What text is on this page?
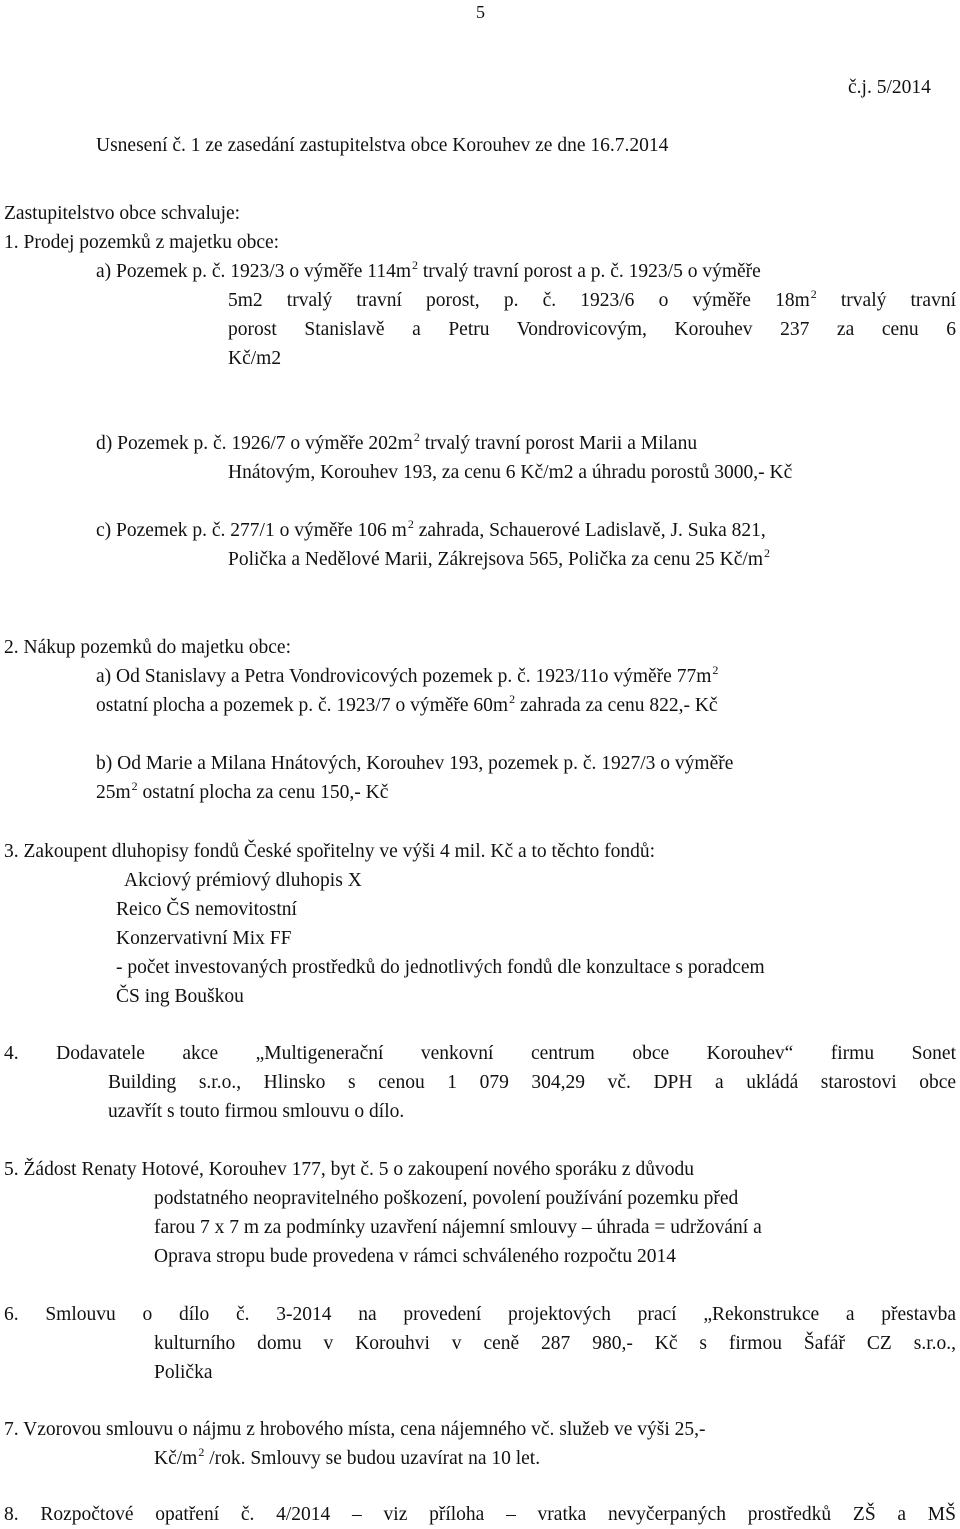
5
č.j. 5/2014
Usnesení č. 1 ze zasedání zastupitelstva obce Korouhev ze dne 16.7.2014
Zastupitelstvo obce schvaluje:
1. Prodej pozemků z majetku obce:
a) Pozemek p. č. 1923/3 o výměře $114m^2$ trvalý travní porost a p. č. 1923/5 o výměře
5m2 trvalý travní porost, p. č. 1923/6 o výměře $18m^2$ trvalý travní
porost Stanislavě a Petru Vondrovicovým, Korouhev 237 za cenu 6
Kč/m2
d) Pozemek p. č. 1926/7 o výměře $202m^2$ trvalý travní porost Marii a Milanu
Hnátovým, Korouhev 193, za cenu 6 Kč/m2 a úhradu porostů 3000,- Kč
c) Pozemek p. č. 277/1 o výměře 106 $m^2$ zahrada, Schauerové Ladislavě, J. Suka 821,
Polička a Nedělové Marii, Zákrejsova 565, Polička za cenu 25 $Kč/m^2$
2. Nákup pozemků do majetku obce:
a) Od Stanislavy a Petra Vondrovicových pozemek p. č. 1923/11o výměře $77m^2$
ostatní plocha a pozemek p. č. 1923/7 o výměře $60m^2$ zahrada za cenu 822,- Kč
b) Od Marie a Milana Hnátových, Korouhev 193, pozemek p. č. 1927/3 o výměře
$25m^2$ ostatní plocha za cenu 150,- Kč
3. Zakoupent dluhopisy fondů České spořitelny ve výši 4 mil. Kč a to těchto fondů:
Akciový prémiový dluhopis X
Reico ČS nemovitostní
Konzervativní Mix FF
- počet investovaných prostředků do jednotlivých fondů dle konzultace s poradcem
ČS ing Bouškou
4. Dodavatele akce „Multigenerační venkovní centrum obce Korouhev“ firmu Sonet
Building s.r.o., Hlinsko s cenou 1 079 304,29 vč. DPH a ukládá starostovi obce
uzavřít s touto firmou smlouvu o dílo.
5. Žádost Renaty Hotové, Korouhev 177, byt č. 5 o zakoupení nového sporáku z důvodu
podstatného neopravitelného poškození, povolení používání pozemku před
farou 7 x 7 m za podmínky uzavření nájemní smlouvy – úhrada = udržování a
Oprava stropu bude provedena v rámci schváleného rozpočtu 2014
6. Smlouvu o dílo č. 3-2014 na provedení projektových prací „Rekonstrukce a přestavba
kulturního domu v Korouhvi v ceně 287 980,- Kč s firmou Šafář CZ s.r.o.,
Polička
7. Vzorovou smlouvu o nájmu z hrobového místa, cena nájemného vč. služeb ve výši 25,-
$Kč/m^2$ /rok. Smlouvy se budou uzavírat na 10 let.
8. Rozpočtové opatření č. 4/2014 – viz příloha – vratka nevyčerpaných prostředků ZŠ a MŠ
